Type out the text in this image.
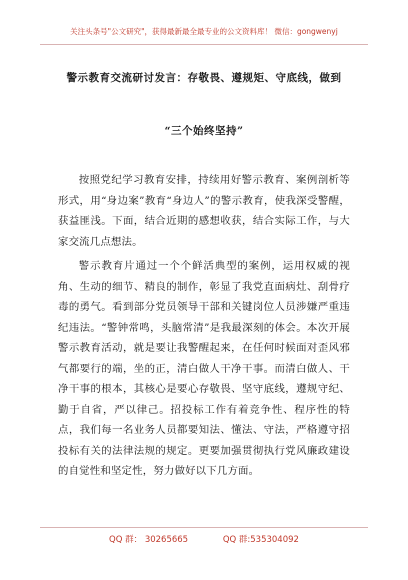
关注头条号"公文研究"，获得最新最全最专业的公文资料库！ 微信：gongwenyj
警示教育交流研讨发言：存敬畏、遵规矩、守底线，做到
“三个始终坚持”

按照党纪学习教育安排，持续用好警示教育、案例剖析等形式，用“身边案”教育“身边人”的警示教育，使我深受警醒，获益匪浅。下面，结合近期的感想收获，结合实际工作，与大家交流几点想法。

警示教育片通过一个个鲜活典型的案例，运用权威的视角、生动的细节、精良的制作，彰显了我党直面病灶、刮骨疗毒的勇气。看到部分党员领导干部和关键岗位人员涉嫌严重违纪违法。“警钟常鸣，头脑常清”是我最深刻的体会。本次开展警示教育活动，就是要让我警醒起来，在任何时候面对歪风邪气都要行的端，坐的正，清白做人干净干事。而清白做人、干净干事的根本，其核心是要心存敬畏、坚守底线，遵规守纪、勤于自省，严以律己。招投标工作有着竞争性、程序性的特点，我们每一名业务人员都要知法、懂法、守法，严格遵守招投标有关的法律法规的规定。更要加强贯彻执行党风廉政建设的自觉性和坚定性，努力做好以下几方面。

QQ 群： 30265665	QQ 群:535304092
